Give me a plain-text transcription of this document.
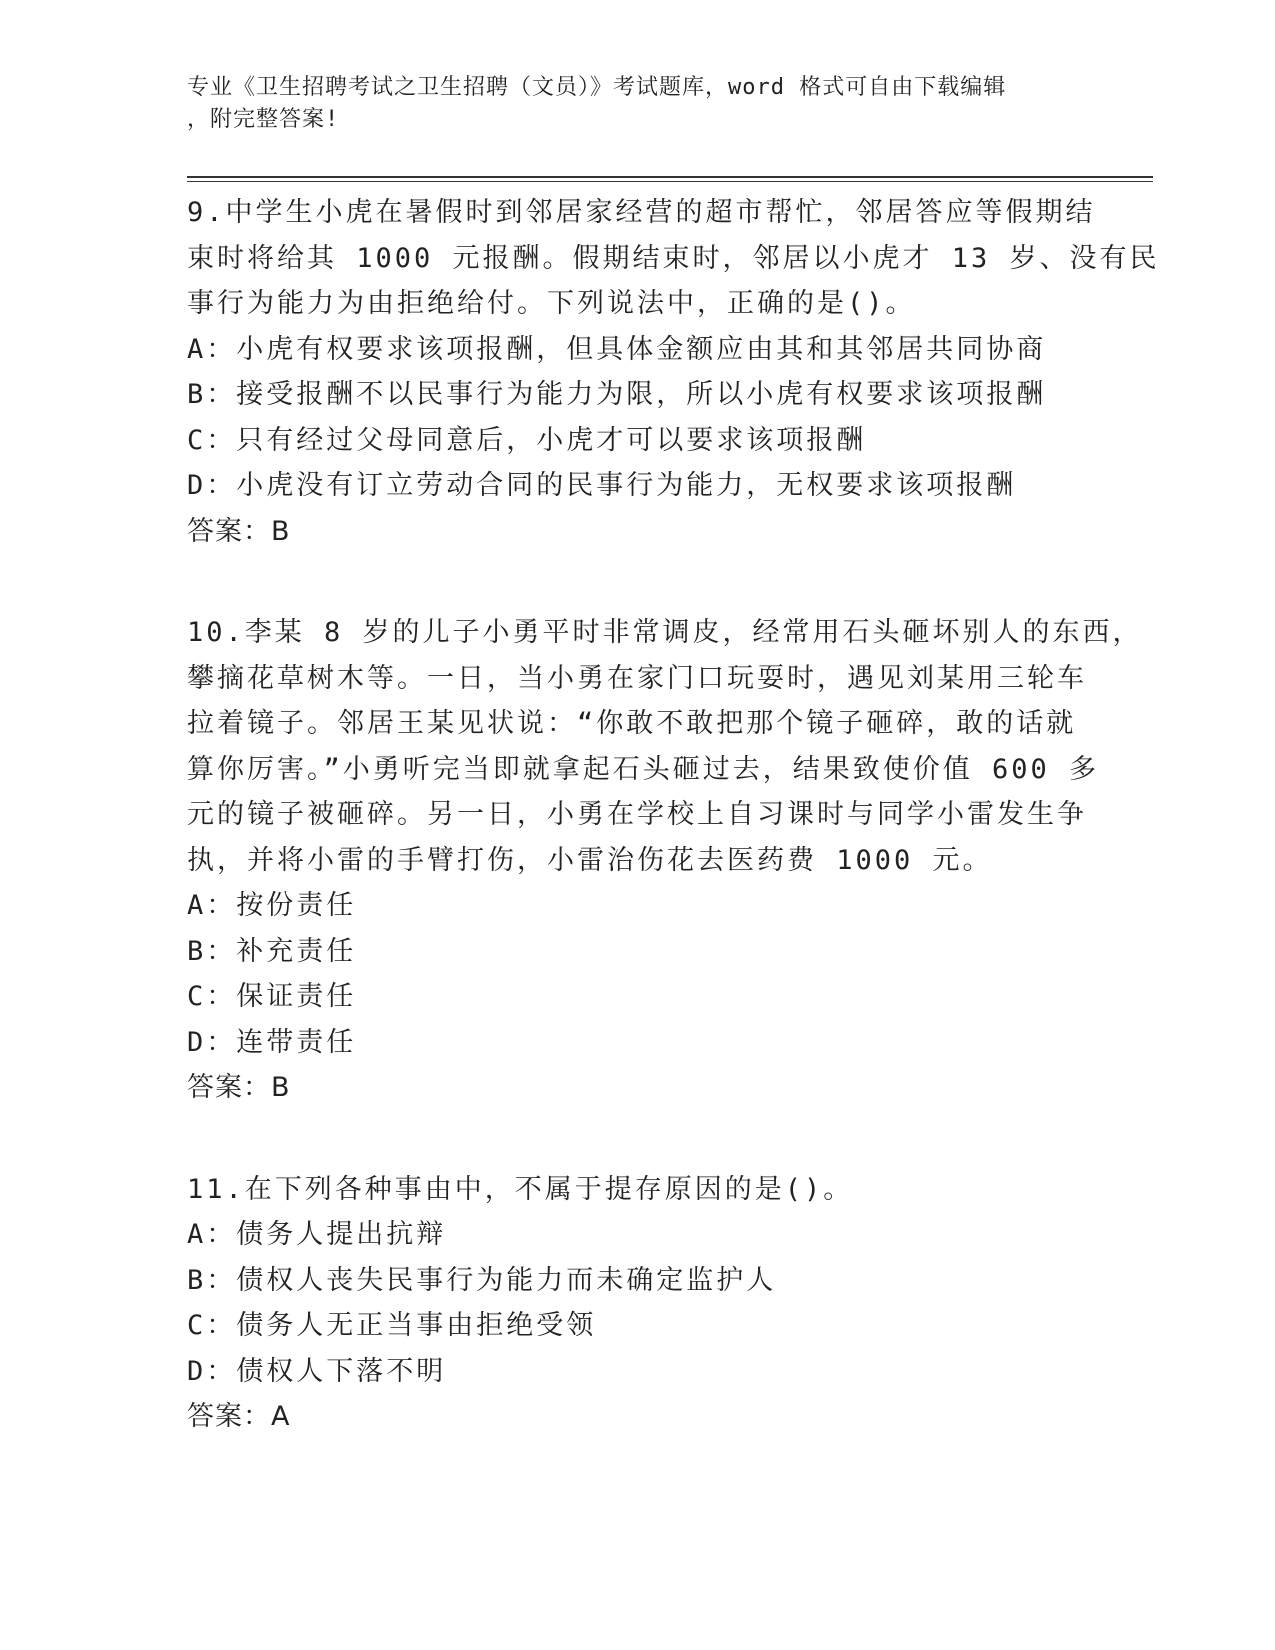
专业《卫生招聘考试之卫生招聘（文员）》考试题库，word 格式可自由下载编辑
，附完整答案!
9.中学生小虎在暑假时到邻居家经营的超市帮忙，邻居答应等假期结
束时将给其 1000 元报酬。假期结束时，邻居以小虎才 13 岁、没有民
事行为能力为由拒绝给付。下列说法中，正确的是()。
A：小虎有权要求该项报酬，但具体金额应由其和其邻居共同协商
B：接受报酬不以民事行为能力为限，所以小虎有权要求该项报酬
C：只有经过父母同意后，小虎才可以要求该项报酬
D：小虎没有订立劳动合同的民事行为能力，无权要求该项报酬
答案：B
10.李某 8 岁的儿子小勇平时非常调皮，经常用石头砸坏别人的东西，
攀摘花草树木等。一日，当小勇在家门口玩耍时，遇见刘某用三轮车
拉着镜子。邻居王某见状说：“你敢不敢把那个镜子砸碎，敢的话就
算你厉害。”小勇听完当即就拿起石头砸过去，结果致使价值 600 多
元的镜子被砸碎。另一日，小勇在学校上自习课时与同学小雷发生争
执，并将小雷的手臂打伤，小雷治伤花去医药费 1000 元。
A：按份责任
B：补充责任
C：保证责任
D：连带责任
答案：B
11.在下列各种事由中，不属于提存原因的是()。
A：债务人提出抗辩
B：债权人丧失民事行为能力而未确定监护人
C：债务人无正当事由拒绝受领
D：债权人下落不明
答案：A
